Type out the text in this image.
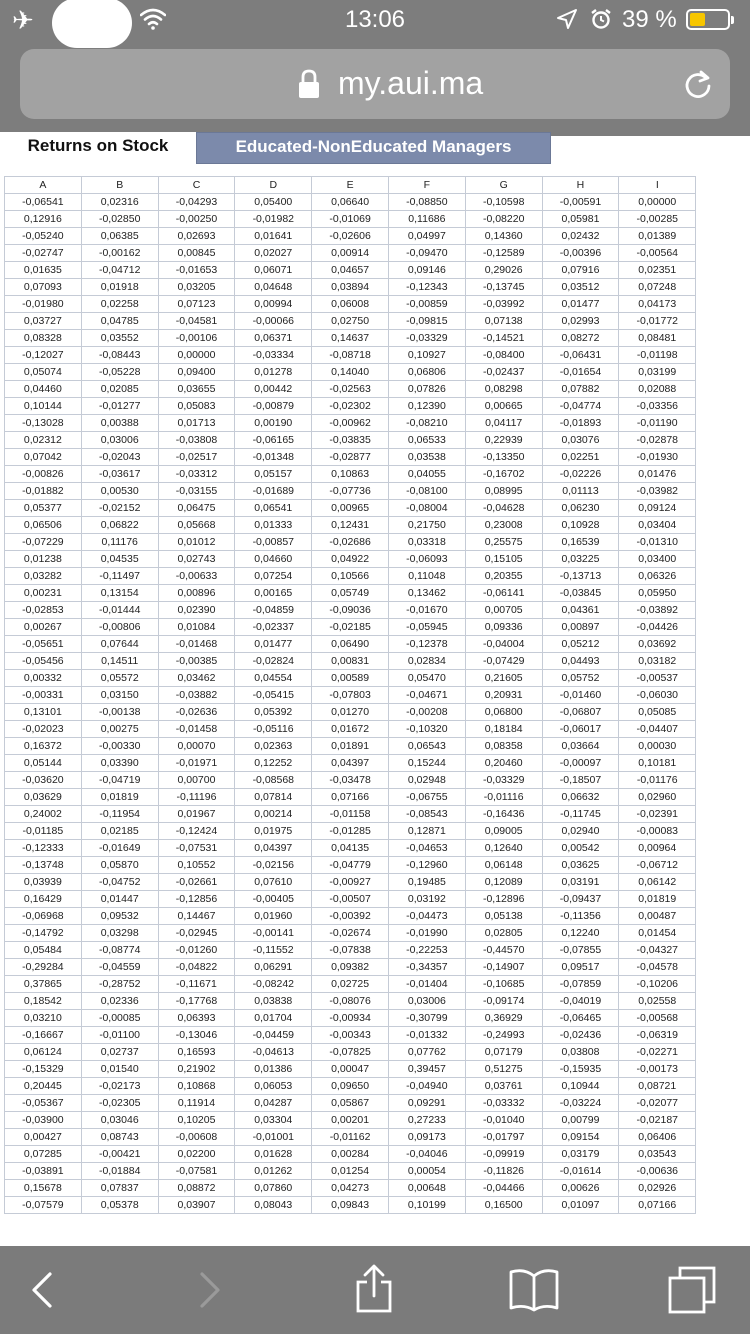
✈	13:06	39 %
my.aui.ma
Returns on Stock	Educated-NonEducated Managers
A	B	C	D	E	F	G	H	I
-0,06541	0,02316	-0,04293	0,05400	0,06640	-0,08850	-0,10598	-0,00591	0,00000
0,12916	-0,02850	-0,00250	-0,01982	-0,01069	0,11686	-0,08220	0,05981	-0,00285
-0,05240	0,06385	0,02693	0,01641	-0,02606	0,04997	0,14360	0,02432	0,01389
-0,02747	-0,00162	0,00845	0,02027	0,00914	-0,09470	-0,12589	-0,00396	-0,00564
0,01635	-0,04712	-0,01653	0,06071	0,04657	0,09146	0,29026	0,07916	0,02351
0,07093	0,01918	0,03205	0,04648	0,03894	-0,12343	-0,13745	0,03512	0,07248
-0,01980	0,02258	0,07123	0,00994	0,06008	-0,00859	-0,03992	0,01477	0,04173
0,03727	0,04785	-0,04581	-0,00066	0,02750	-0,09815	0,07138	0,02993	-0,01772
0,08328	0,03552	-0,00106	0,06371	0,14637	-0,03329	-0,14521	0,08272	0,08481
-0,12027	-0,08443	0,00000	-0,03334	-0,08718	0,10927	-0,08400	-0,06431	-0,01198
0,05074	-0,05228	0,09400	0,01278	0,14040	0,06806	-0,02437	-0,01654	0,03199
0,04460	0,02085	0,03655	0,00442	-0,02563	0,07826	0,08298	0,07882	0,02088
0,10144	-0,01277	0,05083	-0,00879	-0,02302	0,12390	0,00665	-0,04774	-0,03356
-0,13028	0,00388	0,01713	0,00190	-0,00962	-0,08210	0,04117	-0,01893	-0,01190
0,02312	0,03006	-0,03808	-0,06165	-0,03835	0,06533	0,22939	0,03076	-0,02878
0,07042	-0,02043	-0,02517	-0,01348	-0,02877	0,03538	-0,13350	0,02251	-0,01930
-0,00826	-0,03617	-0,03312	0,05157	0,10863	0,04055	-0,16702	-0,02226	0,01476
-0,01882	0,00530	-0,03155	-0,01689	-0,07736	-0,08100	0,08995	0,01113	-0,03982
0,05377	-0,02152	0,06475	0,06541	0,00965	-0,08004	-0,04628	0,06230	0,09124
0,06506	0,06822	0,05668	0,01333	0,12431	0,21750	0,23008	0,10928	0,03404
-0,07229	0,11176	0,01012	-0,00857	-0,02686	0,03318	0,25575	0,16539	-0,01310
0,01238	0,04535	0,02743	0,04660	0,04922	-0,06093	0,15105	0,03225	0,03400
0,03282	-0,11497	-0,00633	0,07254	0,10566	0,11048	0,20355	-0,13713	0,06326
0,00231	0,13154	0,00896	0,00165	0,05749	0,13462	-0,06141	-0,03845	0,05950
-0,02853	-0,01444	0,02390	-0,04859	-0,09036	-0,01670	0,00705	0,04361	-0,03892
0,00267	-0,00806	0,01084	-0,02337	-0,02185	-0,05945	0,09336	0,00897	-0,04426
-0,05651	0,07644	-0,01468	0,01477	0,06490	-0,12378	-0,04004	0,05212	0,03692
-0,05456	0,14511	-0,00385	-0,02824	0,00831	0,02834	-0,07429	0,04493	0,03182
0,00332	0,05572	0,03462	0,04554	0,00589	0,05470	0,21605	0,05752	-0,00537
-0,00331	0,03150	-0,03882	-0,05415	-0,07803	-0,04671	0,20931	-0,01460	-0,06030
0,13101	-0,00138	-0,02636	0,05392	0,01270	-0,00208	0,06800	-0,06807	0,05085
-0,02023	0,00275	-0,01458	-0,05116	0,01672	-0,10320	0,18184	-0,06017	-0,04407
0,16372	-0,00330	0,00070	0,02363	0,01891	0,06543	0,08358	0,03664	0,00030
0,05144	0,03390	-0,01971	0,12252	0,04397	0,15244	0,20460	-0,00097	0,10181
-0,03620	-0,04719	0,00700	-0,08568	-0,03478	0,02948	-0,03329	-0,18507	-0,01176
0,03629	0,01819	-0,11196	0,07814	0,07166	-0,06755	-0,01116	0,06632	0,02960
0,24002	-0,11954	0,01967	0,00214	-0,01158	-0,08543	-0,16436	-0,11745	-0,02391
-0,01185	0,02185	-0,12424	0,01975	-0,01285	0,12871	0,09005	0,02940	-0,00083
-0,12333	-0,01649	-0,07531	0,04397	0,04135	-0,04653	0,12640	0,00542	0,00964
-0,13748	0,05870	0,10552	-0,02156	-0,04779	-0,12960	0,06148	0,03625	-0,06712
0,03939	-0,04752	-0,02661	0,07610	-0,00927	0,19485	0,12089	0,03191	0,06142
0,16429	0,01447	-0,12856	-0,00405	-0,00507	0,03192	-0,12896	-0,09437	0,01819
-0,06968	0,09532	0,14467	0,01960	-0,00392	-0,04473	0,05138	-0,11356	0,00487
-0,14792	0,03298	-0,02945	-0,00141	-0,02674	-0,01990	0,02805	0,12240	0,01454
0,05484	-0,08774	-0,01260	-0,11552	-0,07838	-0,22253	-0,44570	-0,07855	-0,04327
-0,29284	-0,04559	-0,04822	0,06291	0,09382	-0,34357	-0,14907	0,09517	-0,04578
0,37865	-0,28752	-0,11671	-0,08242	0,02725	-0,01404	-0,10685	-0,07859	-0,10206
0,18542	0,02336	-0,17768	0,03838	-0,08076	0,03006	-0,09174	-0,04019	0,02558
0,03210	-0,00085	0,06393	0,01704	-0,00934	-0,30799	0,36929	-0,06465	-0,00568
-0,16667	-0,01100	-0,13046	-0,04459	-0,00343	-0,01332	-0,24993	-0,02436	-0,06319
0,06124	0,02737	0,16593	-0,04613	-0,07825	0,07762	0,07179	0,03808	-0,02271
-0,15329	0,01540	0,21902	0,01386	0,00047	0,39457	0,51275	-0,15935	-0,00173
0,20445	-0,02173	0,10868	0,06053	0,09650	-0,04940	0,03761	0,10944	0,08721
-0,05367	-0,02305	0,11914	0,04287	0,05867	0,09291	-0,03332	-0,03224	-0,02077
-0,03900	0,03046	0,10205	0,03304	0,00201	0,27233	-0,01040	0,00799	-0,02187
0,00427	0,08743	-0,00608	-0,01001	-0,01162	0,09173	-0,01797	0,09154	0,06406
0,07285	-0,00421	0,02200	0,01628	0,00284	-0,04046	-0,09919	0,03179	0,03543
-0,03891	-0,01884	-0,07581	0,01262	0,01254	0,00054	-0,11826	-0,01614	-0,00636
0,15678	0,07837	0,08872	0,07860	0,04273	0,00648	-0,04466	0,00626	0,02926
-0,07579	0,05378	0,03907	0,08043	0,09843	0,10199	0,16500	0,01097	0,07166
